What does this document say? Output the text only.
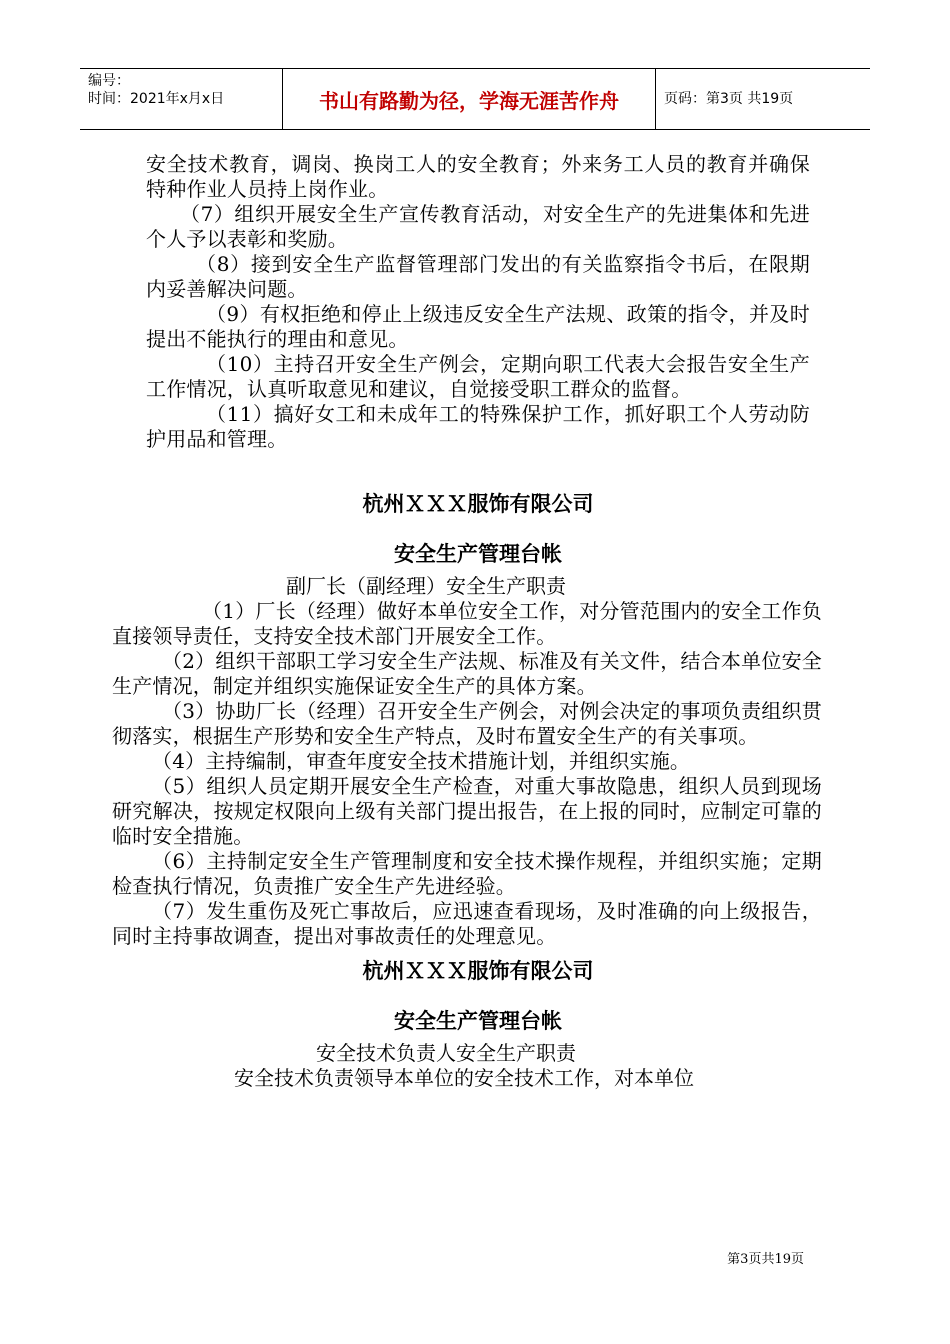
编号：
时间：2021年x月x日	书山有路勤为径，学海无涯苦作舟	页码：第3页 共19页

安全技术教育，调岗、换岗工人的安全教育；外来务工人员的教育并确保特种作业人员持上岗作业。

（7）组织开展安全生产宣传教育活动，对安全生产的先进集体和先进个人予以表彰和奖励。

（8）接到安全生产监督管理部门发出的有关监察指令书后，在限期内妥善解决问题。

（9）有权拒绝和停止上级违反安全生产法规、政策的指令，并及时提出不能执行的理由和意见。

（10）主持召开安全生产例会，定期向职工代表大会报告安全生产工作情况，认真听取意见和建议，自觉接受职工群众的监督。

（11）搞好女工和未成年工的特殊保护工作，抓好职工个人劳动防护用品和管理。

杭州ＸＸＸ服饰有限公司

安全生产管理台帐

副厂长（副经理）安全生产职责

（1）厂长（经理）做好本单位安全工作，对分管范围内的安全工作负直接领导责任，支持安全技术部门开展安全工作。

（2）组织干部职工学习安全生产法规、标准及有关文件，结合本单位安全生产情况，制定并组织实施保证安全生产的具体方案。

（3）协助厂长（经理）召开安全生产例会，对例会决定的事项负责组织贯彻落实，根据生产形势和安全生产特点，及时布置安全生产的有关事项。

（4）主持编制，审查年度安全技术措施计划，并组织实施。

（5）组织人员定期开展安全生产检查，对重大事故隐患，组织人员到现场研究解决，按规定权限向上级有关部门提出报告，在上报的同时，应制定可靠的临时安全措施。

（6）主持制定安全生产管理制度和安全技术操作规程，并组织实施；定期检查执行情况，负责推广安全生产先进经验。

（7）发生重伤及死亡事故后，应迅速查看现场，及时准确的向上级报告，同时主持事故调查，提出对事故责任的处理意见。

杭州ＸＸＸ服饰有限公司

安全生产管理台帐

安全技术负责人安全生产职责

安全技术负责领导本单位的安全技术工作，对本单位

第3页共19页
